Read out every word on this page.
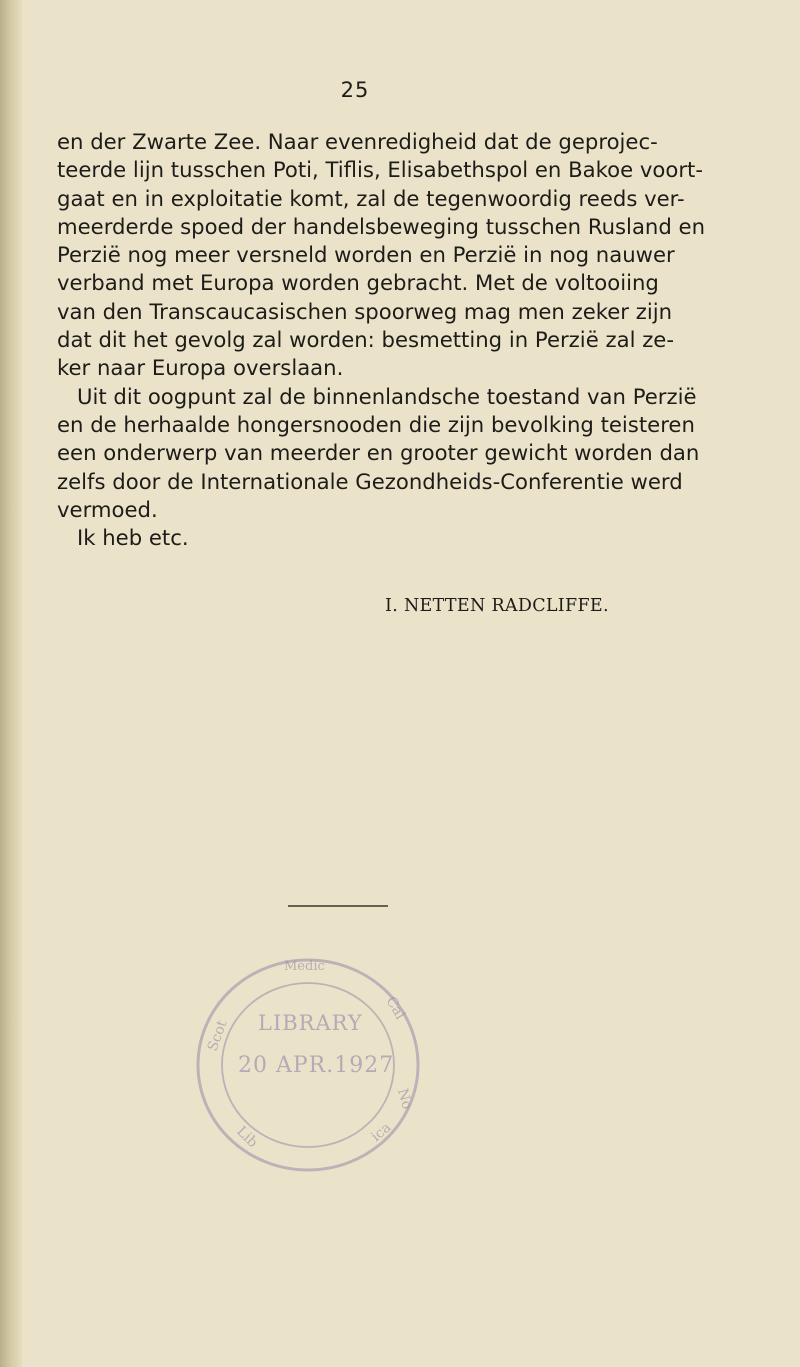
25
en der Zwarte Zee. Naar evenredigheid dat de geprojec-
teerde lijn tusschen Poti, Tiflis, Elisabethspol en Bakoe voort-
gaat en in exploitatie komt, zal de tegenwoordig reeds ver-
meerderde spoed der handelsbeweging tusschen Rusland en
Perzië nog meer versneld worden en Perzië in nog nauwer
verband met Europa worden gebracht. Met de voltooiing
van den Transcaucasischen spoorweg mag men zeker zijn
dat dit het gevolg zal worden: besmetting in Perzië zal ze-
ker naar Europa overslaan.
Uit dit oogpunt zal de binnenlandsche toestand van Perzië
en de herhaalde hongersnooden die zijn bevolking teisteren
een onderwerp van meerder en grooter gewicht worden dan
zelfs door de Internationale Gezondheids-Conferentie werd
vermoed.
Ik heb etc.
I. NETTEN RADCLIFFE.
Scot
Cal
No
Lib	ica
Medic
LIBRARY
20 APR.1927
